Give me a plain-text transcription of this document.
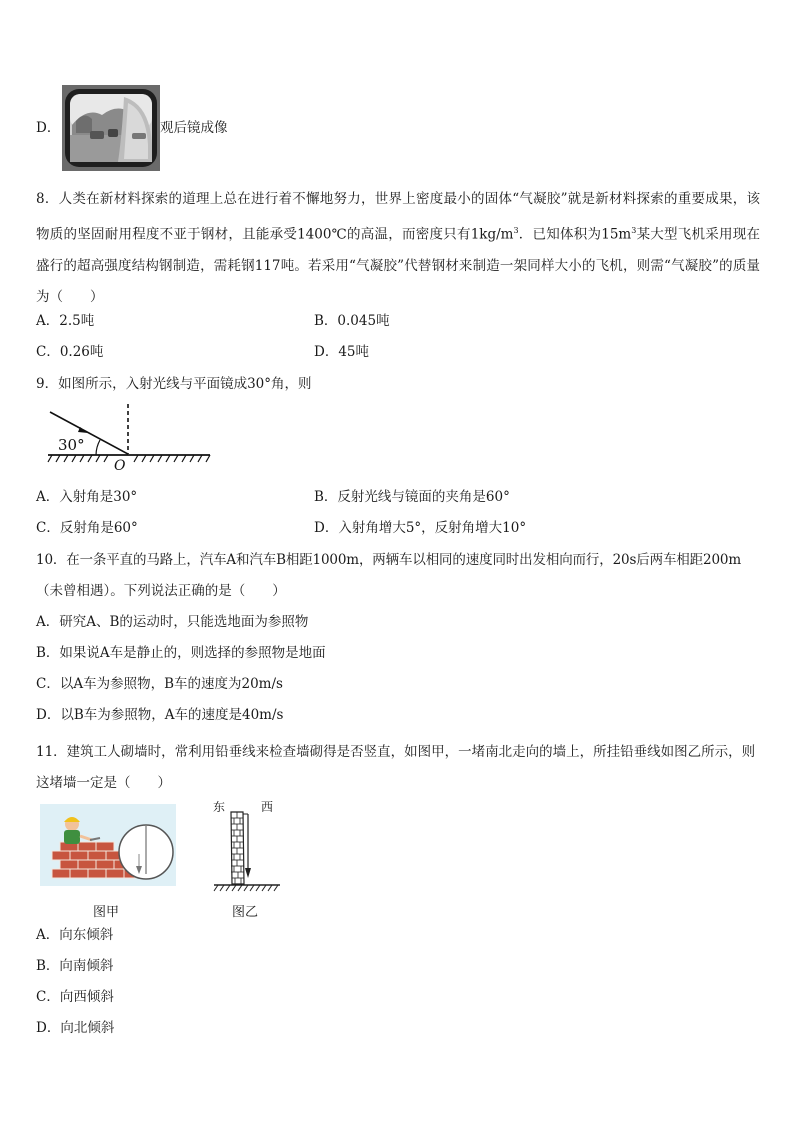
D．	观后镜成像
8．人类在新材料探索的道理上总在进行着不懈地努力，世界上密度最小的固体“气凝胶”就是新材料探索的重要成果，该物质的坚固耐用程度不亚于钢材，且能承受1400℃的高温，而密度只有$1kg/m^3$．已知体积为$15m^3$某大型飞机采用现在盛行的超高强度结构钢制造，需耗钢117吨。若采用“气凝胶”代替钢材来制造一架同样大小的飞机，则需“气凝胶”的质量为（　　）
A．2.5吨	B．0.045吨
C．0.26吨	D．45吨
9．如图所示，入射光线与平面镜成30°角，则
30°
O
A．入射角是30°	B．反射光线与镜面的夹角是60°
C．反射角是60°	D．入射角增大5°，反射角增大10°
10．在一条平直的马路上，汽车A和汽车B相距1000m，两辆车以相同的速度同时出发相向而行，20s后两车相距200m
（未曾相遇）。下列说法正确的是（　　）
A．研究A、B的运动时，只能选地面为参照物
B．如果说A车是静止的，则选择的参照物是地面
C．以A车为参照物，B车的速度为20m/s
D．以B车为参照物，A车的速度是40m/s
11．建筑工人砌墙时，常利用铅垂线来检查墙砌得是否竖直，如图甲，一堵南北走向的墙上，所挂铅垂线如图乙所示，则这堵墙一定是（　　）
图甲
东	西
图乙
A．向东倾斜
B．向南倾斜
C．向西倾斜
D．向北倾斜
